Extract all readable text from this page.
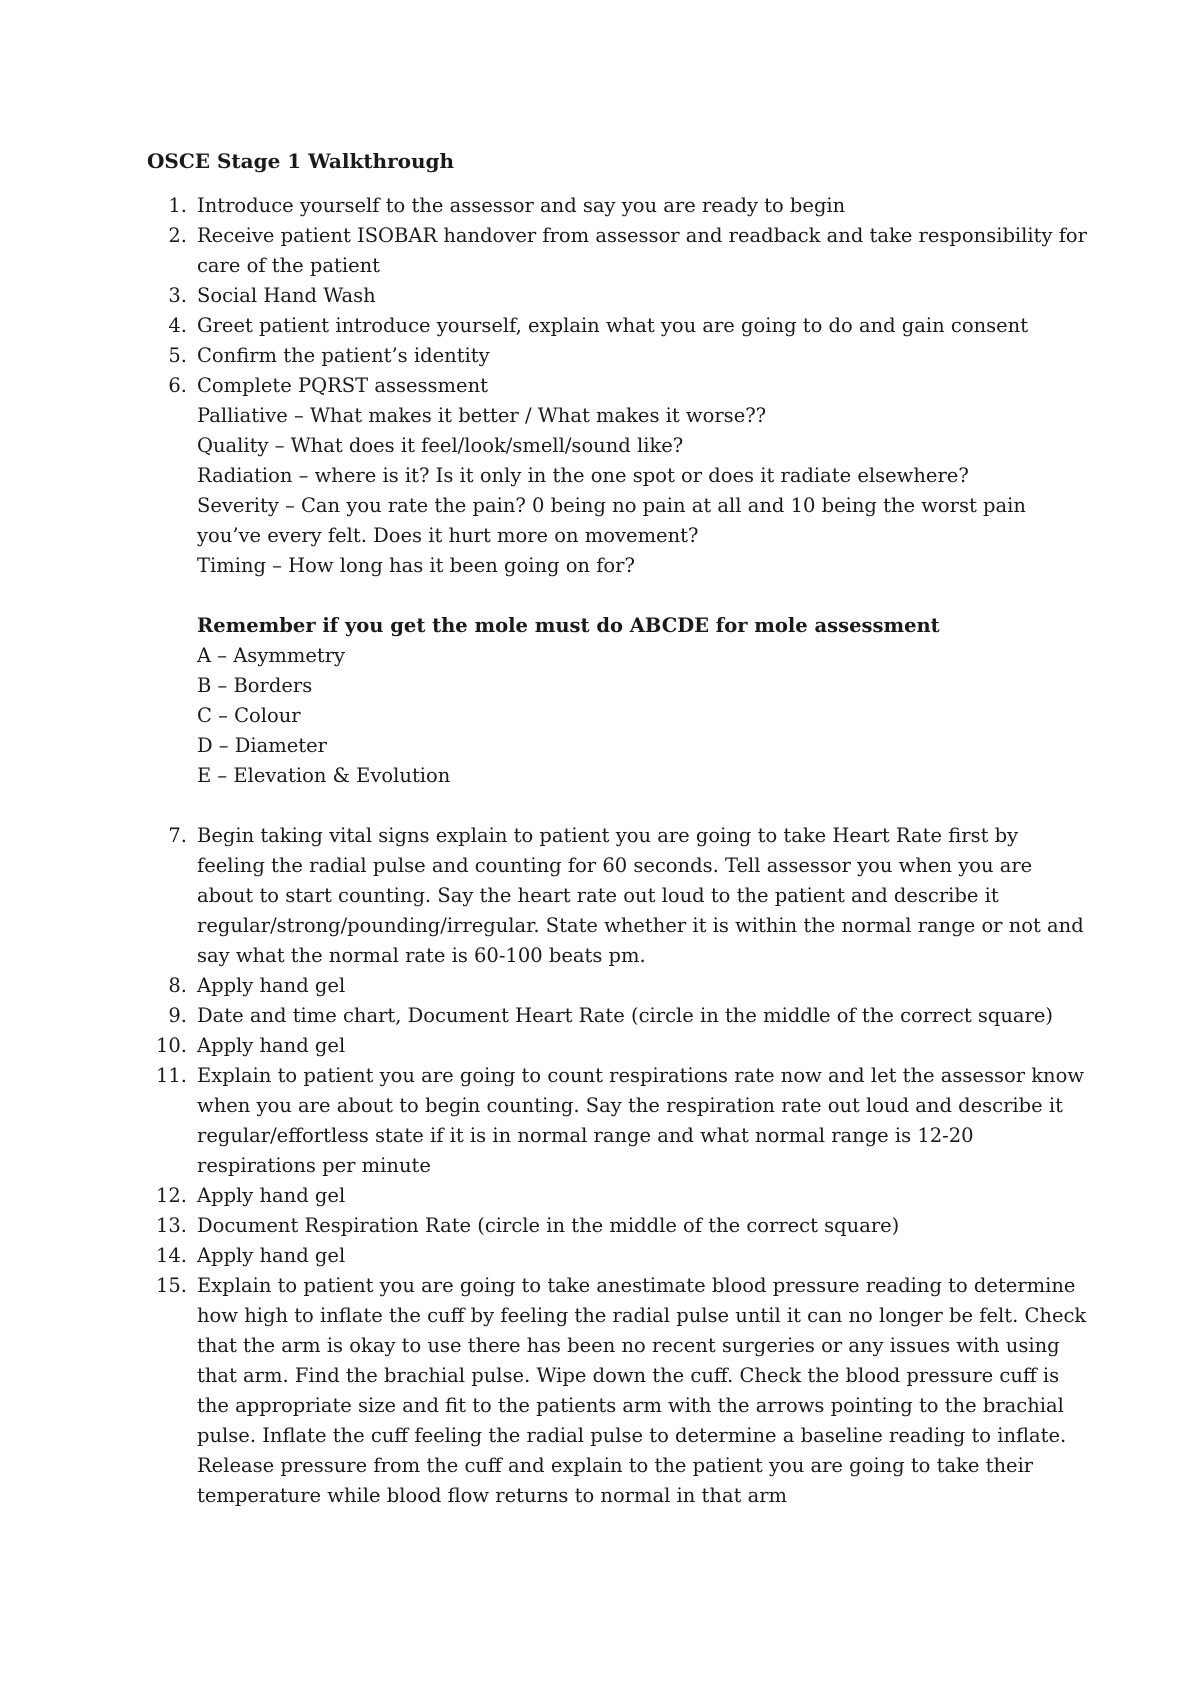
OSCE Stage 1 Walkthrough
1. Introduce yourself to the assessor and say you are ready to begin
2. Receive patient ISOBAR handover from assessor and readback and take responsibility for care of the patient
3. Social Hand Wash
4. Greet patient introduce yourself, explain what you are going to do and gain consent
5. Confirm the patient’s identity
6. Complete PQRST assessment
Palliative – What makes it better / What makes it worse??
Quality – What does it feel/look/smell/sound like?
Radiation – where is it? Is it only in the one spot or does it radiate elsewhere?
Severity – Can you rate the pain? 0 being no pain at all and 10 being the worst pain you’ve every felt. Does it hurt more on movement?
Timing – How long has it been going on for?
Remember if you get the mole must do ABCDE for mole assessment
A – Asymmetry
B – Borders
C – Colour
D – Diameter
E – Elevation & Evolution
7. Begin taking vital signs explain to patient you are going to take Heart Rate first by feeling the radial pulse and counting for 60 seconds. Tell assessor you when you are about to start counting. Say the heart rate out loud to the patient and describe it regular/strong/pounding/irregular. State whether it is within the normal range or not and say what the normal rate is 60-100 beats pm.
8. Apply hand gel
9. Date and time chart, Document Heart Rate (circle in the middle of the correct square)
10. Apply hand gel
11. Explain to patient you are going to count respirations rate now and let the assessor know when you are about to begin counting. Say the respiration rate out loud and describe it regular/effortless state if it is in normal range and what normal range is 12-20 respirations per minute
12. Apply hand gel
13. Document Respiration Rate (circle in the middle of the correct square)
14. Apply hand gel
15. Explain to patient you are going to take anestimate blood pressure reading to determine how high to inflate the cuff by feeling the radial pulse until it can no longer be felt. Check that the arm is okay to use there has been no recent surgeries or any issues with using that arm. Find the brachial pulse. Wipe down the cuff. Check the blood pressure cuff is the appropriate size and fit to the patients arm with the arrows pointing to the brachial pulse. Inflate the cuff feeling the radial pulse to determine a baseline reading to inflate. Release pressure from the cuff and explain to the patient you are going to take their temperature while blood flow returns to normal in that arm
